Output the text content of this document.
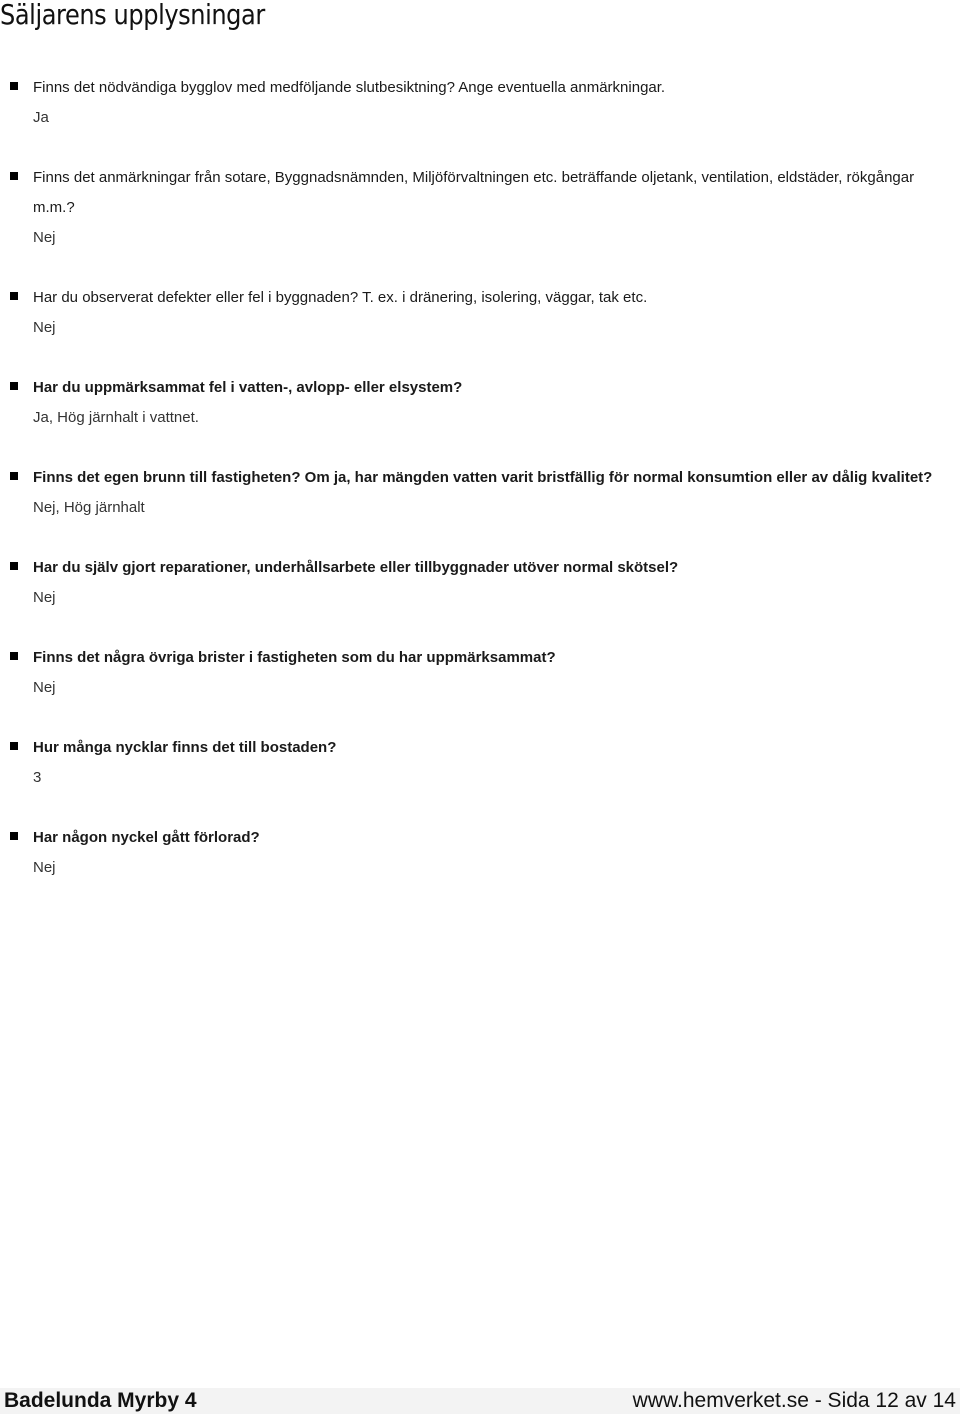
Säljarens upplysningar

Finns det nödvändiga bygglov med medföljande slutbesiktning? Ange eventuella anmärkningar.

Ja

Finns det anmärkningar från sotare, Byggnadsnämnden, Miljöförvaltningen etc. beträffande oljetank, ventilation, eldstäder, rökgångar m.m.?

Nej

Har du observerat defekter eller fel i byggnaden? T. ex. i dränering, isolering, väggar, tak etc.

Nej

Har du uppmärksammat fel i vatten-, avlopp- eller elsystem?

Ja, Hög järnhalt i vattnet.

Finns det egen brunn till fastigheten? Om ja, har mängden vatten varit bristfällig för normal konsumtion eller av dålig kvalitet?

Nej, Hög järnhalt

Har du själv gjort reparationer, underhållsarbete eller tillbyggnader utöver normal skötsel?

Nej

Finns det några övriga brister i fastigheten som du har uppmärksammat?

Nej

Hur många nycklar finns det till bostaden?

3

Har någon nyckel gått förlorad?

Nej

Badelunda Myrby 4	www.hemverket.se - Sida 12 av 14
